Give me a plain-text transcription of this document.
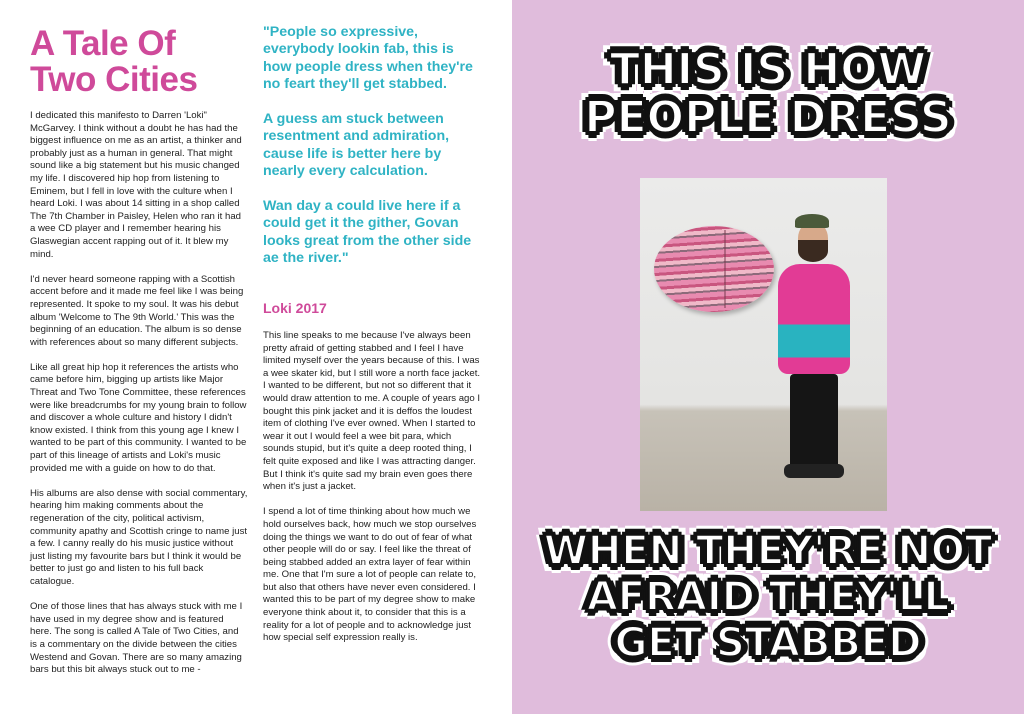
A Tale Of Two Cities

I dedicated this manifesto to Darren 'Loki" McGarvey. I think without a doubt he has had the biggest influence on me as an artist, a thinker and probably just as a human in general. That might sound like a big statement but his music changed my life. I discovered hip hop from listening to Eminem, but I fell in love with the culture when I heard Loki. I was about 14 sitting in a shop called The 7th Chamber in Paisley, Helen who ran it had a wee CD player and I remember hearing his Glaswegian accent rapping out of it. It blew my mind.

I'd never heard someone rapping with a Scottish accent before and it made me feel like I was being represented. It spoke to my soul. It was his debut album 'Welcome to The 9th World.' This was the beginning of an education. The album is so dense with references about so many different subjects.

Like all great hip hop it references the artists who came before him, bigging up artists like Major Threat and Two Tone Committee, these references were like breadcrumbs for my young brain to follow and discover a whole culture and history I didn't know existed. I think from this young age I knew I wanted to be part of this community. I wanted to be part of this lineage of artists and Loki's music provided me with a guide on how to do that.

His albums are also dense with social commentary, hearing him making comments about the regeneration of the city, political activism, community apathy and Scottish cringe to name just a few. I canny really do his music justice without just listing my favourite bars but I think it would be better to just go and listen to his full back catalogue.

One of those lines that has always stuck with me I have used in my degree show and is featured here. The song is called A Tale of Two Cities, and is a commentary on the divide between the cities Westend and Govan. There are so many amazing bars but this bit always stuck out to me -

"People so expressive, everybody lookin fab, this is how people dress when they're no feart they'll get stabbed.

A guess am stuck between resentment and admiration, cause life is better here by nearly every calculation.

Wan day a could live here if a could get it the gither, Govan looks great from the other side ae the river."

Loki 2017

This line speaks to me because I've always been pretty afraid of getting stabbed and I feel I have limited myself over the years because of this. I was a wee skater kid, but I still wore a north face jacket. I wanted to be different, but not so different that it would draw attention to me. A couple of years ago I bought this pink jacket and it is deffos the loudest item of clothing I've ever owned. When I started to wear it out I would feel a wee bit para, which sounds stupid, but it's quite a deep rooted thing, I felt quite exposed and like I was attracting danger. But I think it's quite sad my brain even goes there when it's just a jacket.

I spend a lot of time thinking about how much we hold ourselves back, how much we stop ourselves doing the things we want to do out of fear of what other people will do or say. I feel like the threat of being stabbed added an extra layer of fear within me. One that I'm sure a lot of people can relate to, but also that others have never even considered. I wanted this to be part of my degree show to make everyone think about it, to consider that this is a reality for a lot of people and to acknowledge just how special self expression really is.

THIS IS HOW
PEOPLE DRESS
WHEN THEY'RE NOT
AFRAID THEY'LL
GET STABBED
